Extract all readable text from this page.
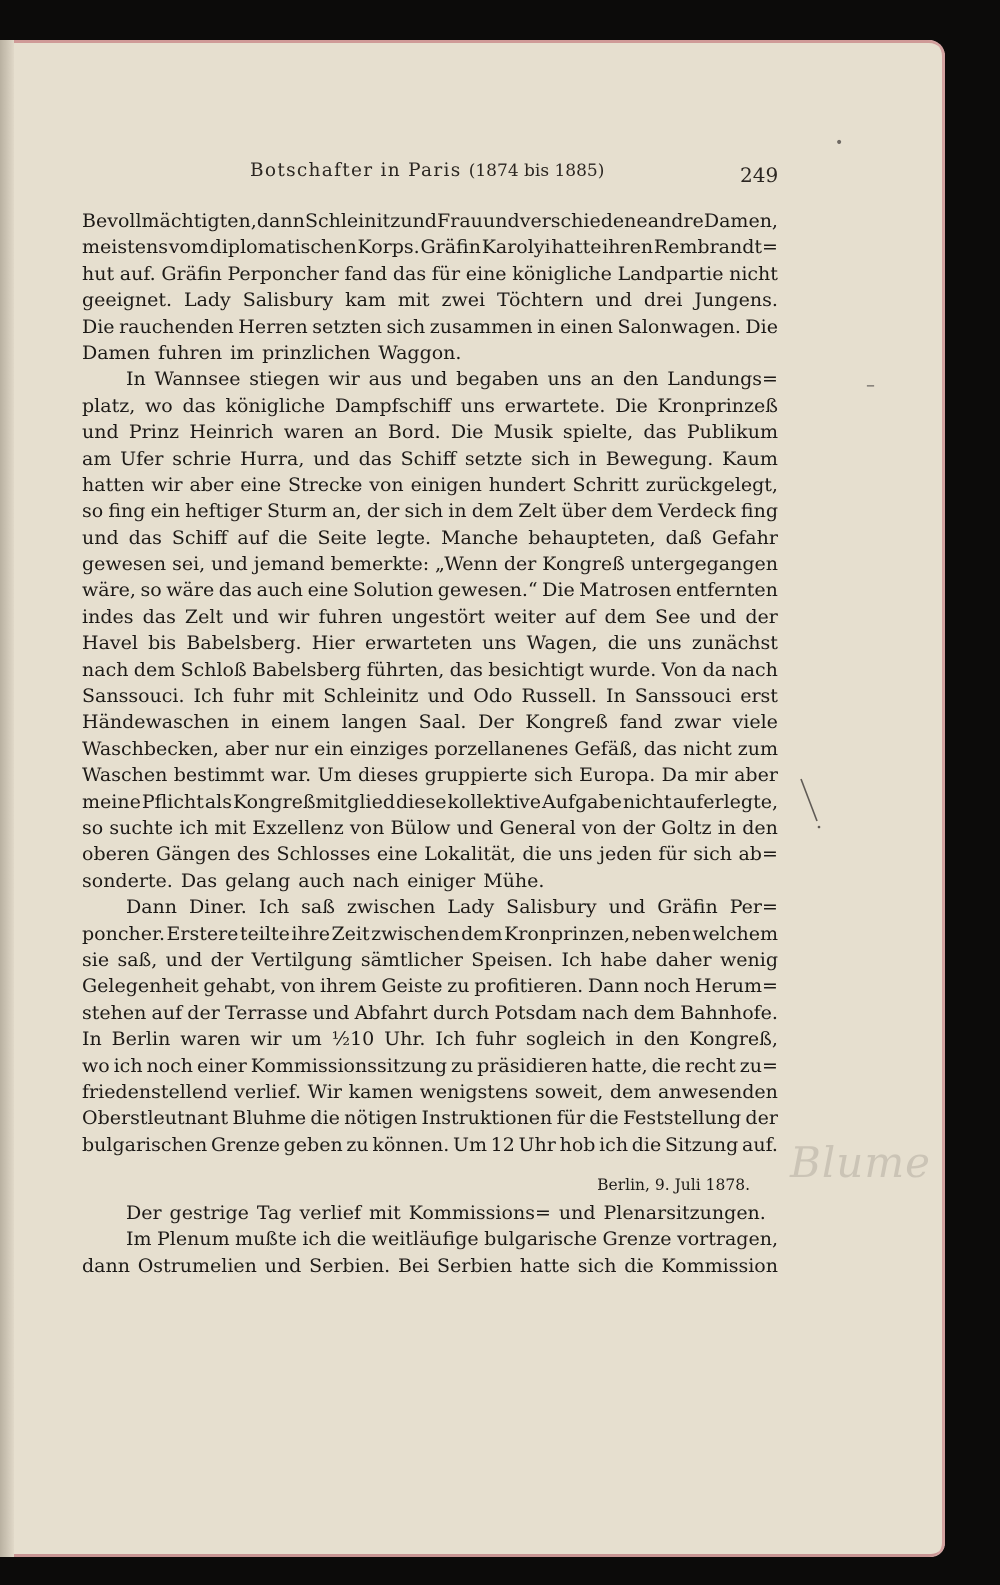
Botschafter in Paris (1874 bis 1885)	249
Bevollmächtigten, dann Schleinitz und Frau und verschiedene andre Damen,
meistens vom diplomatischen Korps. Gräfin Karolyi hatte ihren Rembrandt=
hut auf. Gräfin Perponcher fand das für eine königliche Landpartie nicht
geeignet. Lady Salisbury kam mit zwei Töchtern und drei Jungens.
Die rauchenden Herren setzten sich zusammen in einen Salonwagen. Die
Damen fuhren im prinzlichen Waggon.
In Wannsee stiegen wir aus und begaben uns an den Landungs=
platz, wo das königliche Dampfschiff uns erwartete. Die Kronprinzeß
und Prinz Heinrich waren an Bord. Die Musik spielte, das Publikum
am Ufer schrie Hurra, und das Schiff setzte sich in Bewegung. Kaum
hatten wir aber eine Strecke von einigen hundert Schritt zurückgelegt,
so fing ein heftiger Sturm an, der sich in dem Zelt über dem Verdeck fing
und das Schiff auf die Seite legte. Manche behaupteten, daß Gefahr
gewesen sei, und jemand bemerkte: „Wenn der Kongreß untergegangen
wäre, so wäre das auch eine Solution gewesen.“ Die Matrosen entfernten
indes das Zelt und wir fuhren ungestört weiter auf dem See und der
Havel bis Babelsberg. Hier erwarteten uns Wagen, die uns zunächst
nach dem Schloß Babelsberg führten, das besichtigt wurde. Von da nach
Sanssouci. Ich fuhr mit Schleinitz und Odo Russell. In Sanssouci erst
Händewaschen in einem langen Saal. Der Kongreß fand zwar viele
Waschbecken, aber nur ein einziges porzellanenes Gefäß, das nicht zum
Waschen bestimmt war. Um dieses gruppierte sich Europa. Da mir aber
meine Pflicht als Kongreßmitglied diese kollektive Aufgabe nicht auferlegte,
so suchte ich mit Exzellenz von Bülow und General von der Goltz in den
oberen Gängen des Schlosses eine Lokalität, die uns jeden für sich ab=
sonderte. Das gelang auch nach einiger Mühe.
Dann Diner. Ich saß zwischen Lady Salisbury und Gräfin Per=
poncher. Erstere teilte ihre Zeit zwischen dem Kronprinzen, neben welchem
sie saß, und der Vertilgung sämtlicher Speisen. Ich habe daher wenig
Gelegenheit gehabt, von ihrem Geiste zu profitieren. Dann noch Herum=
stehen auf der Terrasse und Abfahrt durch Potsdam nach dem Bahnhofe.
In Berlin waren wir um ½10 Uhr. Ich fuhr sogleich in den Kongreß,
wo ich noch einer Kommissionssitzung zu präsidieren hatte, die recht zu=
friedenstellend verlief. Wir kamen wenigstens soweit, dem anwesenden
Oberstleutnant Bluhme die nötigen Instruktionen für die Feststellung der
bulgarischen Grenze geben zu können. Um 12 Uhr hob ich die Sitzung auf.
Berlin, 9. Juli 1878.
Der gestrige Tag verlief mit Kommissions= und Plenarsitzungen.
Im Plenum mußte ich die weitläufige bulgarische Grenze vortragen,
dann Ostrumelien und Serbien. Bei Serbien hatte sich die Kommission
•
–
Blume
